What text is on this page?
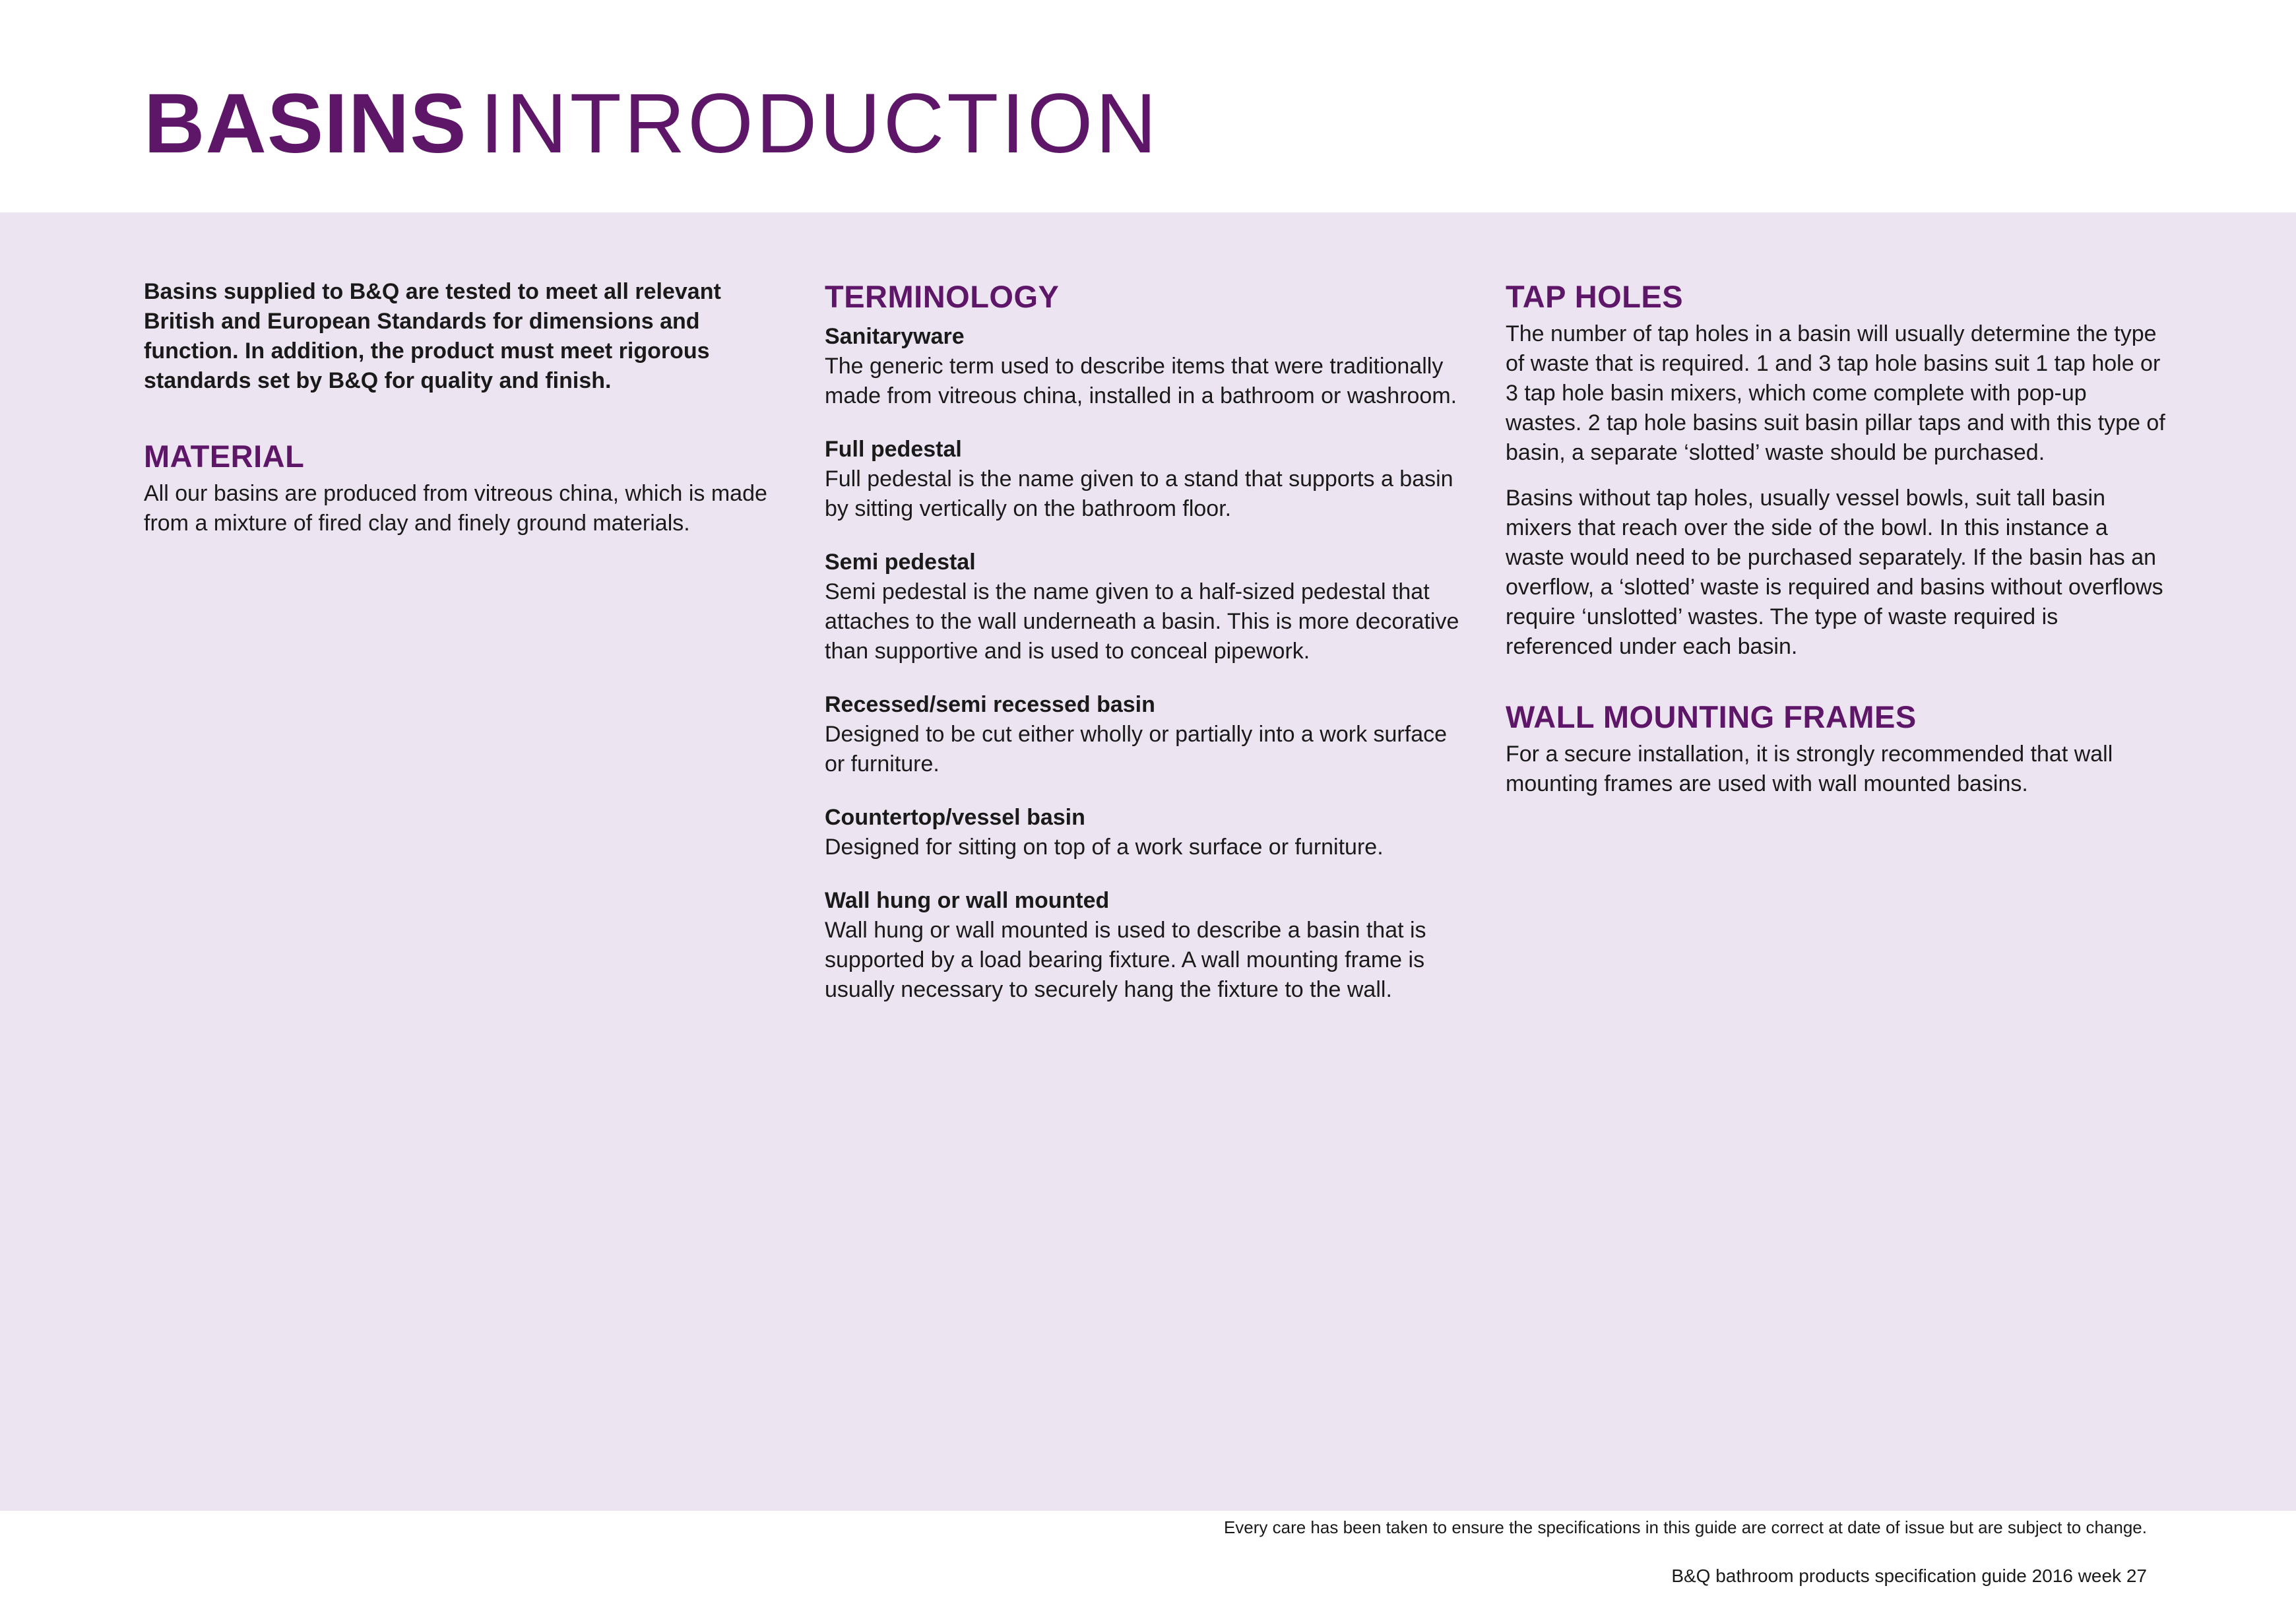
BASINS INTRODUCTION

Basins supplied to B&Q are tested to meet all relevant British and European Standards for dimensions and function. In addition, the product must meet rigorous standards set by B&Q for quality and finish.

MATERIAL

All our basins are produced from vitreous china, which is made from a mixture of fired clay and finely ground materials.

TERMINOLOGY
Sanitaryware

The generic term used to describe items that were traditionally made from vitreous china, installed in a bathroom or washroom.

Full pedestal

Full pedestal is the name given to a stand that supports a basin by sitting vertically on the bathroom floor.

Semi pedestal

Semi pedestal is the name given to a half-sized pedestal that attaches to the wall underneath a basin. This is more decorative than supportive and is used to conceal pipework.

Recessed/semi recessed basin

Designed to be cut either wholly or partially into a work surface or furniture.

Countertop/vessel basin

Designed for sitting on top of a work surface or furniture.

Wall hung or wall mounted

Wall hung or wall mounted is used to describe a basin that is supported by a load bearing fixture. A wall mounting frame is usually necessary to securely hang the fixture to the wall.

TAP HOLES

The number of tap holes in a basin will usually determine the type of waste that is required. 1 and 3 tap hole basins suit 1 tap hole or 3 tap hole basin mixers, which come complete with pop-up wastes. 2 tap hole basins suit basin pillar taps and with this type of basin, a separate ‘slotted’ waste should be purchased.

Basins without tap holes, usually vessel bowls, suit tall basin mixers that reach over the side of the bowl. In this instance a waste would need to be purchased separately. If the basin has an overflow, a ‘slotted’ waste is required and basins without overflows require ‘unslotted’ wastes. The type of waste required is referenced under each basin.

WALL MOUNTING FRAMES

For a secure installation, it is strongly recommended that wall mounting frames are used with wall mounted basins.

Every care has been taken to ensure the specifications in this guide are correct at date of issue but are subject to change.
B&Q bathroom products specification guide 2016 week 27
